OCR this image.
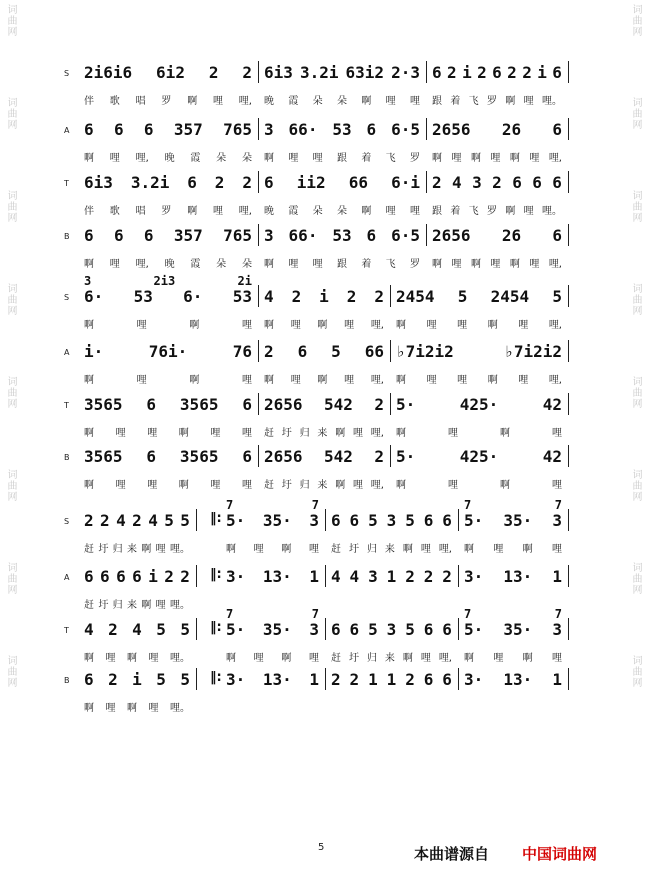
词曲网
词曲网
词曲网
词曲网
词曲网
词曲网
词曲网
词曲网
词曲网
词曲网
词曲网
词曲网
词曲网
词曲网
词曲网
词曲网
S 2i6i6 6i2 2 2
伴 歌 唱 罗 啊 哩 哩,
6i3 3.2i 63i2 2·3
晚 霞 朵 朵 啊 哩 哩
6 2 i 2 6 2 2 i 6
跟 着 飞 罗 啊 哩 哩。
A 6 6 6 357 765
啊 哩 哩, 晚 霞 朵 朵
3 66· 53 6 6·5
啊 哩 哩 跟 着 飞 罗
2656 26 6
啊 哩 啊 哩 啊 哩 哩,
T 6i3 3.2i 6 2 2
伴 歌 唱 罗 啊 哩 哩,
6 ii2 66 6·i
晚 霞 朵 朵 啊 哩 哩
2 4 3 2 6 6 6
跟 着 飞 罗 啊 哩 哩。
B 6 6 6 357 765
啊 哩 哩, 晚 霞 朵 朵
3 66· 53 6 6·5
啊 哩 哩 跟 着 飞 罗
2656 26 6
啊 哩 啊 哩 啊 哩 哩,
S 6· 53 6· 53
3	2i3	2i
啊	哩	啊	哩
4 2 i 2 2
啊 哩 啊 哩 哩,
2454 5 2454 5
啊 哩 哩 啊 哩 哩,
A i·	76i·	76
啊	哩	啊	哩
2 6 5 66
啊 哩 啊 哩 哩,
♭7i2i2	♭7i2i2
啊 哩 哩 啊 哩 哩,
T 3565 6 3565 6
啊 哩 哩 啊 哩 哩
2656 542 2
赶 圩 归 来 啊 哩 哩,
5·	425·	42
啊	哩	啊	哩
B 3565 6 3565 6
啊 哩 哩 啊 哩 哩
2656 542 2
赶 圩 归 来 啊 哩 哩,
5·	425·	42
啊	哩	啊	哩
S	‖:
2 2 4 2 4 5 5
赶 圩 归 来 啊 哩 哩。
5· 35· 3
7	7
啊 哩 啊 哩
6 6 5 3 5 6 6
赶 圩 归 来 啊 哩 哩,
5· 35· 3
7	7
啊 哩 啊 哩
A	‖:
6 6 6 6 i 2 2
赶 圩 归 来 啊 哩 哩。
3· 13· 1 4 4 3 1 2 2 2 3· 13· 1
T	‖:
4 2 4 5 5
啊 哩 啊 哩 哩。
5· 35· 3
7	7
啊 哩 啊 哩
6 6 5 3 5 6 6
赶 圩 归 来 啊 哩 哩,
5· 35· 3
7	7
啊 哩 啊 哩
B	‖:
6 2 i 5 5
啊 哩 啊 哩 哩。
3· 13· 1 2 2 1 1 2 6 6 3· 13· 1
5	本曲谱源自 中国词曲网
